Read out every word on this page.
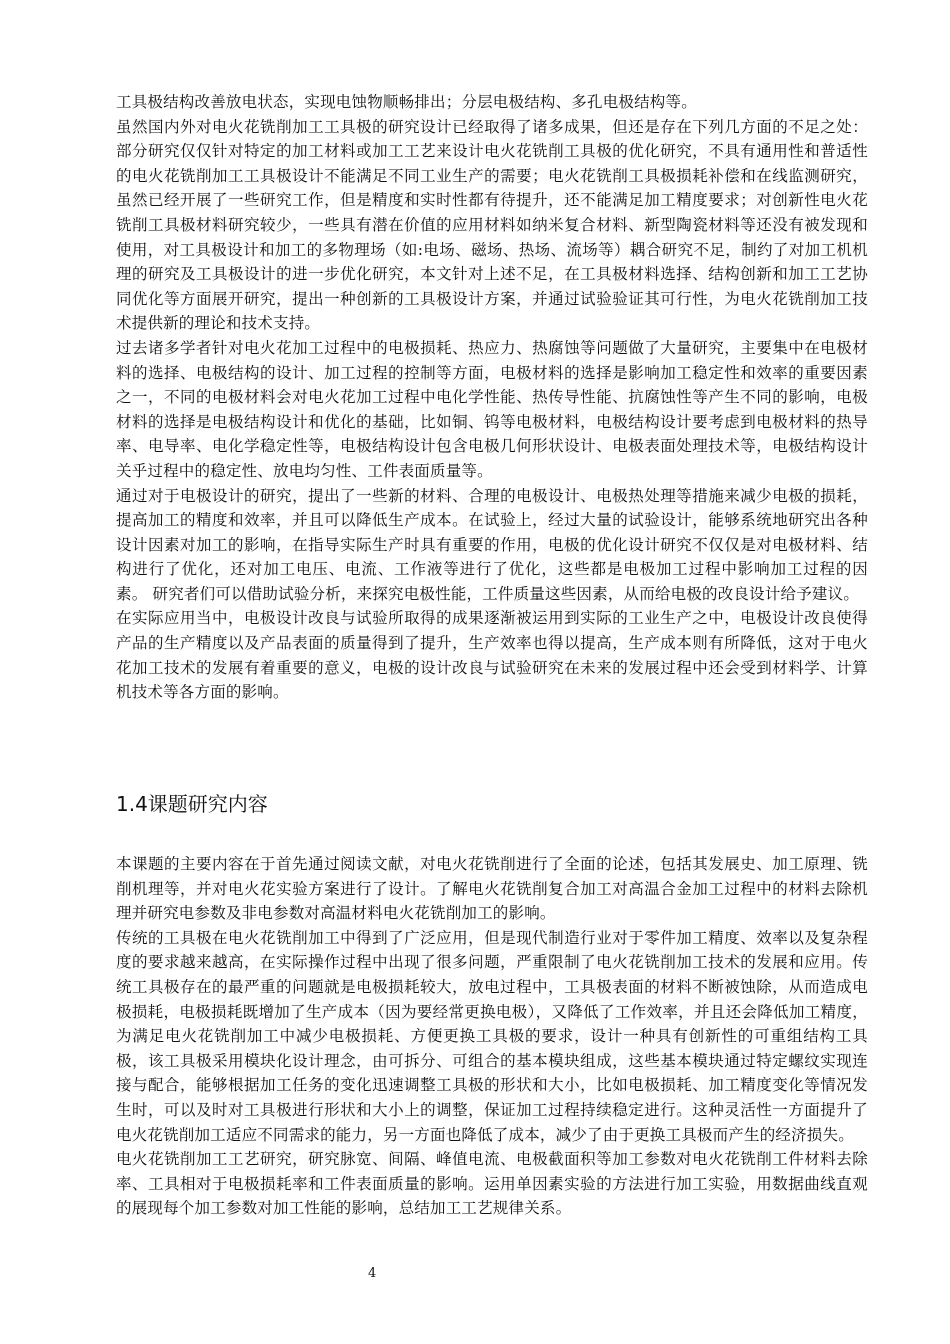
工具极结构改善放电状态，实现电蚀物顺畅排出；分层电极结构、多孔电极结构等。

虽然国内外对电火花铣削加工工具极的研究设计已经取得了诸多成果，但还是存在下列几方面的不足之处：部分研究仅仅针对特定的加工材料或加工工艺来设计电火花铣削工具极的优化研究，不具有通用性和普适性的电火花铣削加工工具极设计不能满足不同工业生产的需要；电火花铣削工具极损耗补偿和在线监测研究，虽然已经开展了一些研究工作，但是精度和实时性都有待提升，还不能满足加工精度要求；对创新性电火花铣削工具极材料研究较少，一些具有潜在价值的应用材料如纳米复合材料、新型陶瓷材料等还没有被发现和使用，对工具极设计和加工的多物理场（如:电场、磁场、热场、流场等）耦合研究不足，制约了对加工机机理的研究及工具极设计的进一步优化研究，本文针对上述不足，在工具极材料选择、结构创新和加工工艺协同优化等方面展开研究，提出一种创新的工具极设计方案，并通过试验验证其可行性，为电火花铣削加工技术提供新的理论和技术支持。

过去诸多学者针对电火花加工过程中的电极损耗、热应力、热腐蚀等问题做了大量研究，主要集中在电极材料的选择、电极结构的设计、加工过程的控制等方面，电极材料的选择是影响加工稳定性和效率的重要因素之一，不同的电极材料会对电火花加工过程中电化学性能、热传导性能、抗腐蚀性等产生不同的影响，电极材料的选择是电极结构设计和优化的基础，比如铜、钨等电极材料，电极结构设计要考虑到电极材料的热导率、电导率、电化学稳定性等，电极结构设计包含电极几何形状设计、电极表面处理技术等，电极结构设计关乎过程中的稳定性、放电均匀性、工件表面质量等。

通过对于电极设计的研究，提出了一些新的材料、合理的电极设计、电极热处理等措施来减少电极的损耗，提高加工的精度和效率，并且可以降低生产成本。在试验上，经过大量的试验设计，能够系统地研究出各种设计因素对加工的影响，在指导实际生产时具有重要的作用，电极的优化设计研究不仅仅是对电极材料、结构进行了优化，还对加工电压、电流、工作液等进行了优化，这些都是电极加工过程中影响加工过程的因素。 研究者们可以借助试验分析，来探究电极性能，工件质量这些因素，从而给电极的改良设计给予建议。

在实际应用当中，电极设计改良与试验所取得的成果逐渐被运用到实际的工业生产之中，电极设计改良使得产品的生产精度以及产品表面的质量得到了提升，生产效率也得以提高，生产成本则有所降低，这对于电火花加工技术的发展有着重要的意义，电极的设计改良与试验研究在未来的发展过程中还会受到材料学、计算机技术等各方面的影响。

1.4课题研究内容

本课题的主要内容在于首先通过阅读文献，对电火花铣削进行了全面的论述，包括其发展史、加工原理、铣削机理等，并对电火花实验方案进行了设计。了解电火花铣削复合加工对高温合金加工过程中的材料去除机理并研究电参数及非电参数对高温材料电火花铣削加工的影响。

传统的工具极在电火花铣削加工中得到了广泛应用，但是现代制造行业对于零件加工精度、效率以及复杂程度的要求越来越高，在实际操作过程中出现了很多问题，严重限制了电火花铣削加工技术的发展和应用。传统工具极存在的最严重的问题就是电极损耗较大，放电过程中，工具极表面的材料不断被蚀除，从而造成电极损耗，电极损耗既增加了生产成本（因为要经常更换电极），又降低了工作效率，并且还会降低加工精度，为满足电火花铣削加工中减少电极损耗、方便更换工具极的要求，设计一种具有创新性的可重组结构工具极，该工具极采用模块化设计理念，由可拆分、可组合的基本模块组成，这些基本模块通过特定螺纹实现连接与配合，能够根据加工任务的变化迅速调整工具极的形状和大小，比如电极损耗、加工精度变化等情况发生时，可以及时对工具极进行形状和大小上的调整，保证加工过程持续稳定进行。这种灵活性一方面提升了电火花铣削加工适应不同需求的能力，另一方面也降低了成本，减少了由于更换工具极而产生的经济损失。

电火花铣削加工工艺研究，研究脉宽、间隔、峰值电流、电极截面积等加工参数对电火花铣削工件材料去除率、工具相对于电极损耗率和工件表面质量的影响。运用单因素实验的方法进行加工实验，用数据曲线直观的展现每个加工参数对加工性能的影响，总结加工工艺规律关系。

4
